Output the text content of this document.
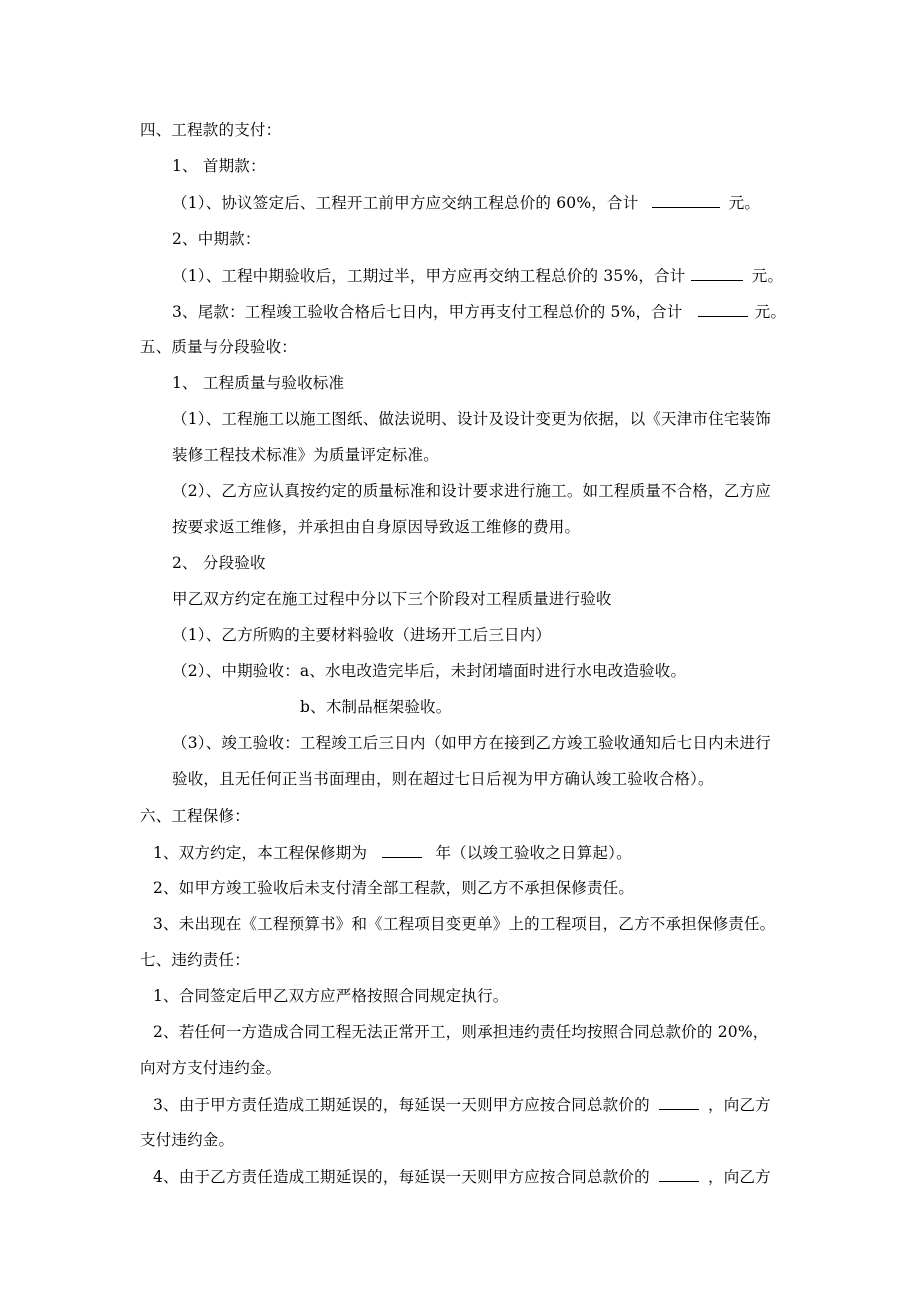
四、工程款的支付：
1、 首期款：
（1）、协议签定后、工程开工前甲方应交纳工程总价的 60%，合计	元。
2、中期款：
（1）、工程中期验收后，工期过半，甲方应再交纳工程总价的 35%，合计	元。
3、尾款：工程竣工验收合格后七日内，甲方再支付工程总价的 5%，合计	元。
五、质量与分段验收：
1、 工程质量与验收标准
（1）、工程施工以施工图纸、做法说明、设计及设计变更为依据，以《天津市住宅装饰
装修工程技术标准》为质量评定标准。
（2）、乙方应认真按约定的质量标准和设计要求进行施工。如工程质量不合格，乙方应
按要求返工维修，并承担由自身原因导致返工维修的费用。
2、 分段验收
甲乙双方约定在施工过程中分以下三个阶段对工程质量进行验收
（1）、乙方所购的主要材料验收（进场开工后三日内）
（2）、中期验收：a、水电改造完毕后，未封闭墙面时进行水电改造验收。
b、木制品框架验收。
（3）、竣工验收：工程竣工后三日内（如甲方在接到乙方竣工验收通知后七日内未进行
验收，且无任何正当书面理由，则在超过七日后视为甲方确认竣工验收合格）。
六、工程保修：
1、双方约定，本工程保修期为	年（以竣工验收之日算起）。
2、如甲方竣工验收后未支付清全部工程款，则乙方不承担保修责任。
3、未出现在《工程预算书》和《工程项目变更单》上的工程项目，乙方不承担保修责任。
七、违约责任：
1、合同签定后甲乙双方应严格按照合同规定执行。
2、若任何一方造成合同工程无法正常开工，则承担违约责任均按照合同总款价的 20%，
向对方支付违约金。
3、由于甲方责任造成工期延误的，每延误一天则甲方应按合同总款价的	，向乙方
支付违约金。
4、由于乙方责任造成工期延误的，每延误一天则甲方应按合同总款价的	，向乙方
